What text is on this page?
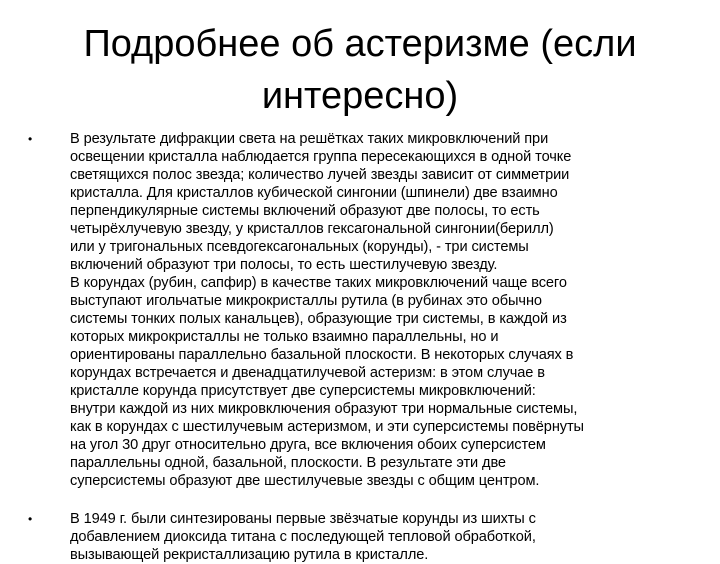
Подробнее об астеризме (если
интересно)
•	В результате дифракции света на решётках таких микровключений при
освещении кристалла наблюдается группа пересекающихся в одной точке
светящихся полос звезда; количество лучей звезды зависит от симметрии
кристалла. Для кристаллов кубической сингонии (шпинели) две взаимно
перпендикулярные системы включений образуют две полосы, то есть
четырёхлучевую звезду, у кристаллов гексагональной сингонии(берилл)
или у тригональных псевдогексагональных (корунды), - три системы
включений образуют три полосы, то есть шестилучевую звезду.
В корундах (рубин, сапфир) в качестве таких микровключений чаще всего
выступают игольчатые микрокристаллы рутила (в рубинах это обычно
системы тонких полых канальцев), образующие три системы, в каждой из
которых микрокристаллы не только взаимно параллельны, но и
ориентированы параллельно базальной плоскости. В некоторых случаях в
корундах встречается и двенадцатилучевой астеризм: в этом случае в
кристалле корунда присутствует две суперсистемы микровключений:
внутри каждой из них микровключения образуют три нормальные системы,
как в корундах с шестилучевым астеризмом, и эти суперсистемы повёрнуты
на угол 30 друг относительно друга, все включения обоих суперсистем
параллельны одной, базальной, плоскости. В результате эти две
суперсистемы образуют две шестилучевые звезды с общим центром.
•	В 1949 г. были синтезированы первые звёзчатые корунды из шихты с
добавлением диоксида титана с последующей тепловой обработкой,
вызывающей рекристаллизацию рутила в кристалле.
